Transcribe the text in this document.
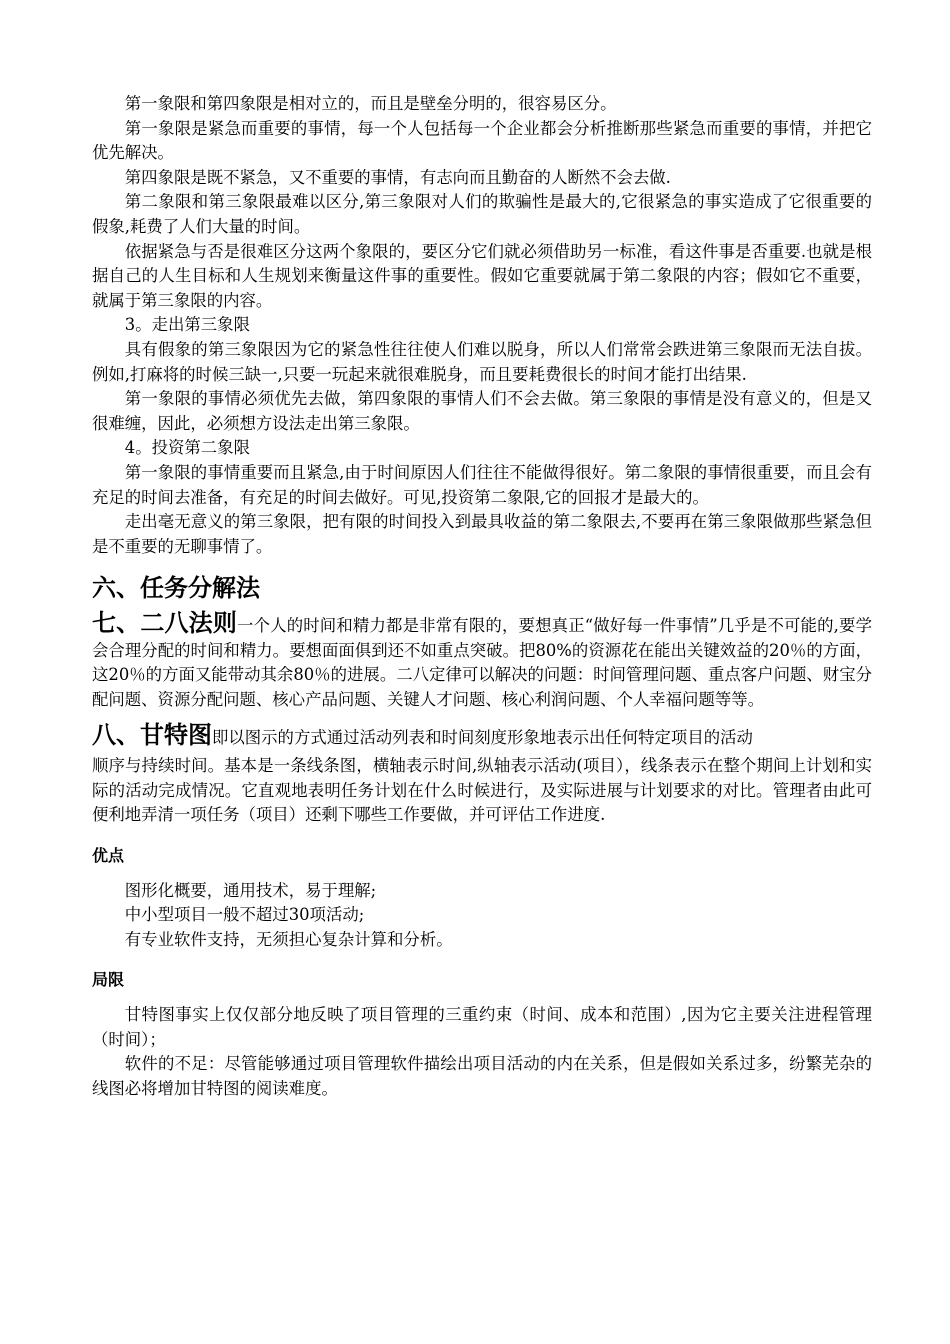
第一象限和第四象限是相对立的，而且是壁垒分明的，很容易区分。

第一象限是紧急而重要的事情，每一个人包括每一个企业都会分析推断那些紧急而重要的事情，并把它优先解决。

第四象限是既不紧急，又不重要的事情，有志向而且勤奋的人断然不会去做.

第二象限和第三象限最难以区分,第三象限对人们的欺骗性是最大的,它很紧急的事实造成了它很重要的假象,耗费了人们大量的时间。

依据紧急与否是很难区分这两个象限的，要区分它们就必须借助另一标准，看这件事是否重要.也就是根据自己的人生目标和人生规划来衡量这件事的重要性。假如它重要就属于第二象限的内容；假如它不重要，就属于第三象限的内容。

3。走出第三象限

具有假象的第三象限因为它的紧急性往往使人们难以脱身，所以人们常常会跌进第三象限而无法自拔。例如,打麻将的时候三缺一,只要一玩起来就很难脱身，而且要耗费很长的时间才能打出结果.

第一象限的事情必须优先去做，第四象限的事情人们不会去做。第三象限的事情是没有意义的，但是又很难缠，因此，必须想方设法走出第三象限。

4。投资第二象限

第一象限的事情重要而且紧急,由于时间原因人们往往不能做得很好。第二象限的事情很重要，而且会有充足的时间去准备，有充足的时间去做好。可见,投资第二象限,它的回报才是最大的。

走出毫无意义的第三象限，把有限的时间投入到最具收益的第二象限去,不要再在第三象限做那些紧急但是不重要的无聊事情了。

六、任务分解法

七、二八法则一个人的时间和精力都是非常有限的，要想真正“做好每一件事情”几乎是不可能的,要学会合理分配的时间和精力。要想面面俱到还不如重点突破。把80%的资源花在能出关键效益的20％的方面，这20％的方面又能带动其余80％的进展。二八定律可以解决的问题：时间管理问题、重点客户问题、财宝分配问题、资源分配问题、核心产品问题、关键人才问题、核心利润问题、个人幸福问题等等。

八、甘特图即以图示的方式通过活动列表和时间刻度形象地表示出任何特定项目的活动

顺序与持续时间。基本是一条线条图，横轴表示时间,纵轴表示活动(项目），线条表示在整个期间上计划和实际的活动完成情况。它直观地表明任务计划在什么时候进行，及实际进展与计划要求的对比。管理者由此可便利地弄清一项任务（项目）还剩下哪些工作要做，并可评估工作进度.

优点

图形化概要，通用技术，易于理解;

中小型项目一般不超过30项活动;

有专业软件支持，无须担心复杂计算和分析。

局限

甘特图事实上仅仅部分地反映了项目管理的三重约束（时间、成本和范围）,因为它主要关注进程管理（时间）；

软件的不足：尽管能够通过项目管理软件描绘出项目活动的内在关系，但是假如关系过多，纷繁芜杂的线图必将增加甘特图的阅读难度。
